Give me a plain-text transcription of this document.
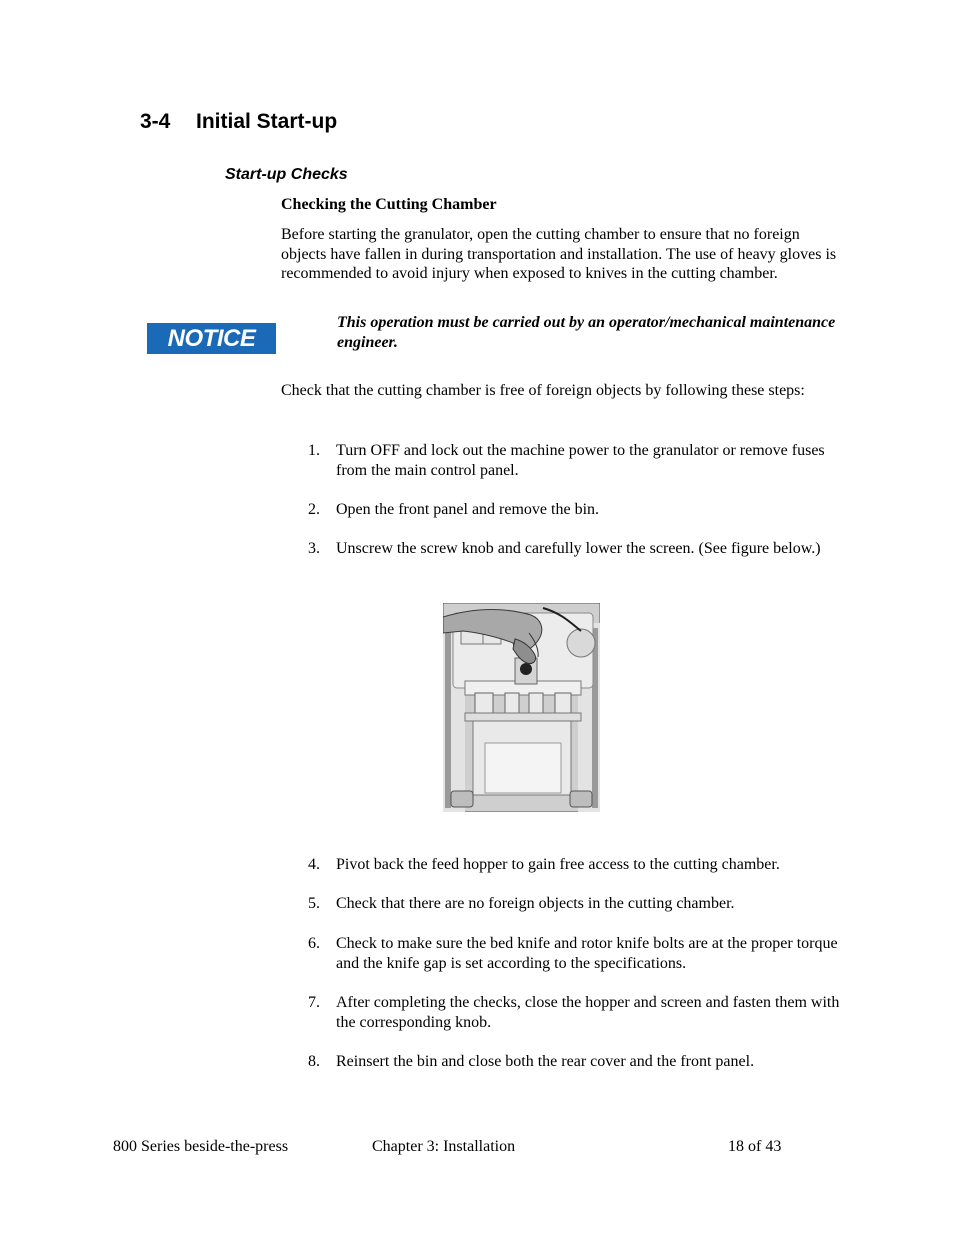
3-4 Initial Start-up
Start-up Checks
Checking the Cutting Chamber
Before starting the granulator, open the cutting chamber to ensure that no foreign objects have fallen in during transportation and installation. The use of heavy gloves is recommended to avoid injury when exposed to knives in the cutting chamber.
NOTICE
This operation must be carried out by an operator/mechanical maintenance engineer.
Check that the cutting chamber is free of foreign objects by following these steps:
1. Turn OFF and lock out the machine power to the granulator or remove fuses from the main control panel.
2. Open the front panel and remove the bin.
3. Unscrew the screw knob and carefully lower the screen. (See figure below.)
4. Pivot back the feed hopper to gain free access to the cutting chamber.
5. Check that there are no foreign objects in the cutting chamber.
6. Check to make sure the bed knife and rotor knife bolts are at the proper torque and the knife gap is set according to the specifications.
7. After completing the checks, close the hopper and screen and fasten them with the corresponding knob.
8. Reinsert the bin and close both the rear cover and the front panel.
800 Series beside-the-press	Chapter 3: Installation	18 of 43
